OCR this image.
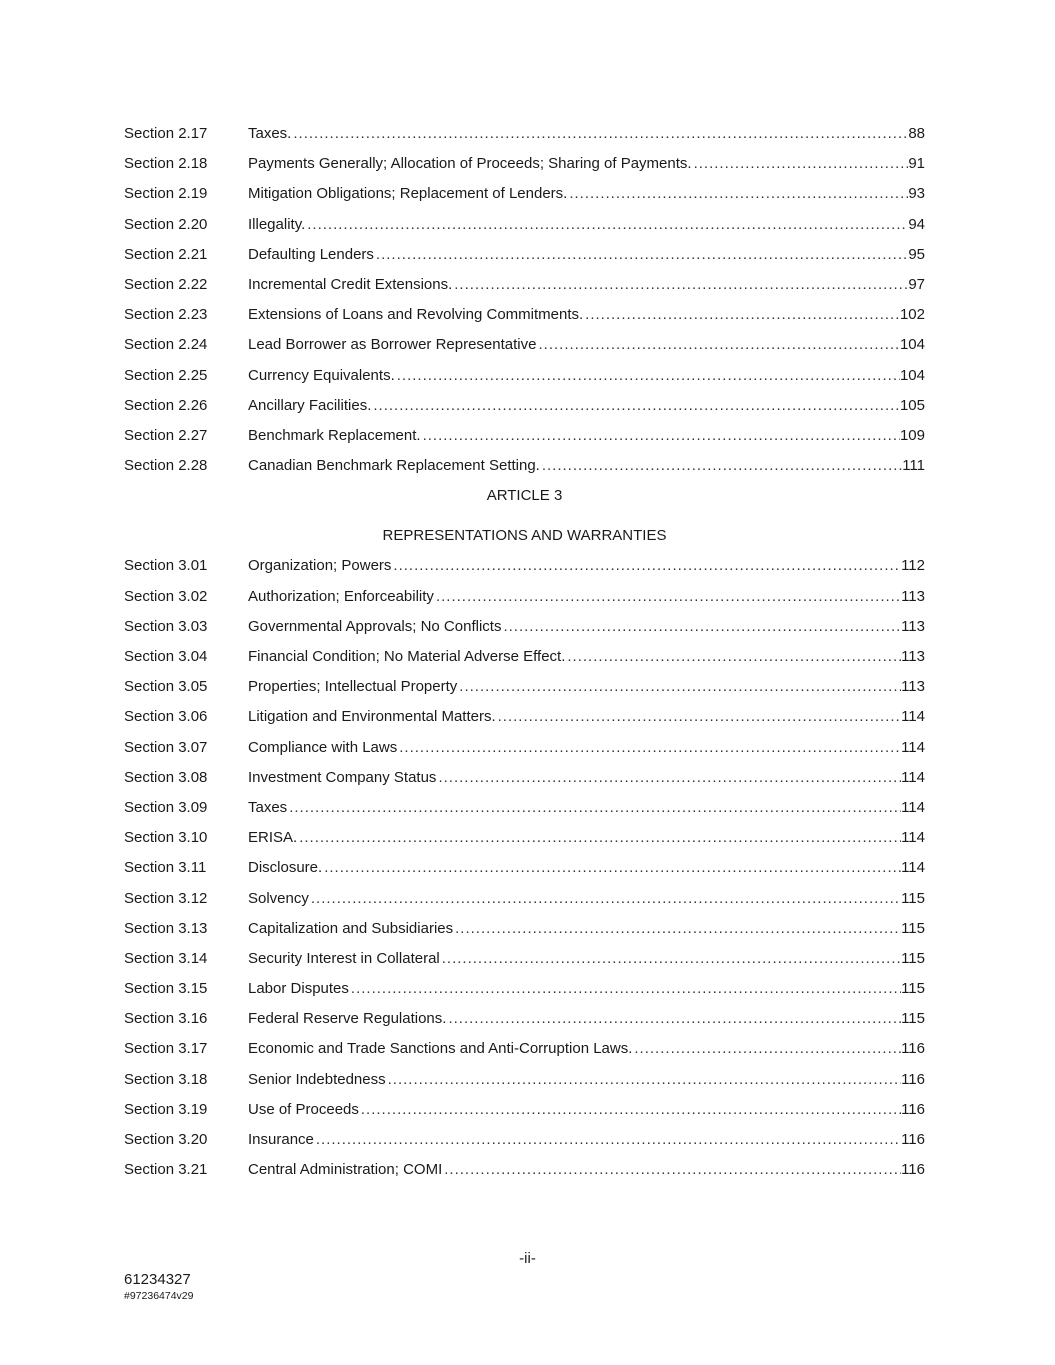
Section 2.17	Taxes. .....	88
Section 2.18	Payments Generally; Allocation of Proceeds; Sharing of Payments. .....	91
Section 2.19	Mitigation Obligations; Replacement of Lenders. .....	93
Section 2.20	Illegality. .....	94
Section 2.21	Defaulting Lenders .....	95
Section 2.22	Incremental Credit Extensions. .....	97
Section 2.23	Extensions of Loans and Revolving Commitments. .....	102
Section 2.24	Lead Borrower as Borrower Representative .....	104
Section 2.25	Currency Equivalents. .....	104
Section 2.26	Ancillary Facilities. .....	105
Section 2.27	Benchmark Replacement. .....	109
Section 2.28	Canadian Benchmark Replacement Setting. .....	111
ARTICLE 3
REPRESENTATIONS AND WARRANTIES
Section 3.01	Organization; Powers .....	112
Section 3.02	Authorization; Enforceability .....	113
Section 3.03	Governmental Approvals; No Conflicts .....	113
Section 3.04	Financial Condition; No Material Adverse Effect. .....	113
Section 3.05	Properties; Intellectual Property .....	113
Section 3.06	Litigation and Environmental Matters. .....	114
Section 3.07	Compliance with Laws .....	114
Section 3.08	Investment Company Status .....	114
Section 3.09	Taxes .....	114
Section 3.10	ERISA. .....	114
Section 3.11	Disclosure. .....	114
Section 3.12	Solvency .....	115
Section 3.13	Capitalization and Subsidiaries .....	115
Section 3.14	Security Interest in Collateral .....	115
Section 3.15	Labor Disputes .....	115
Section 3.16	Federal Reserve Regulations. .....	115
Section 3.17	Economic and Trade Sanctions and Anti-Corruption Laws. .....	116
Section 3.18	Senior Indebtedness .....	116
Section 3.19	Use of Proceeds .....	116
Section 3.20	Insurance .....	116
Section 3.21	Central Administration; COMI .....	116
-ii-
61234327
#97236474v29
